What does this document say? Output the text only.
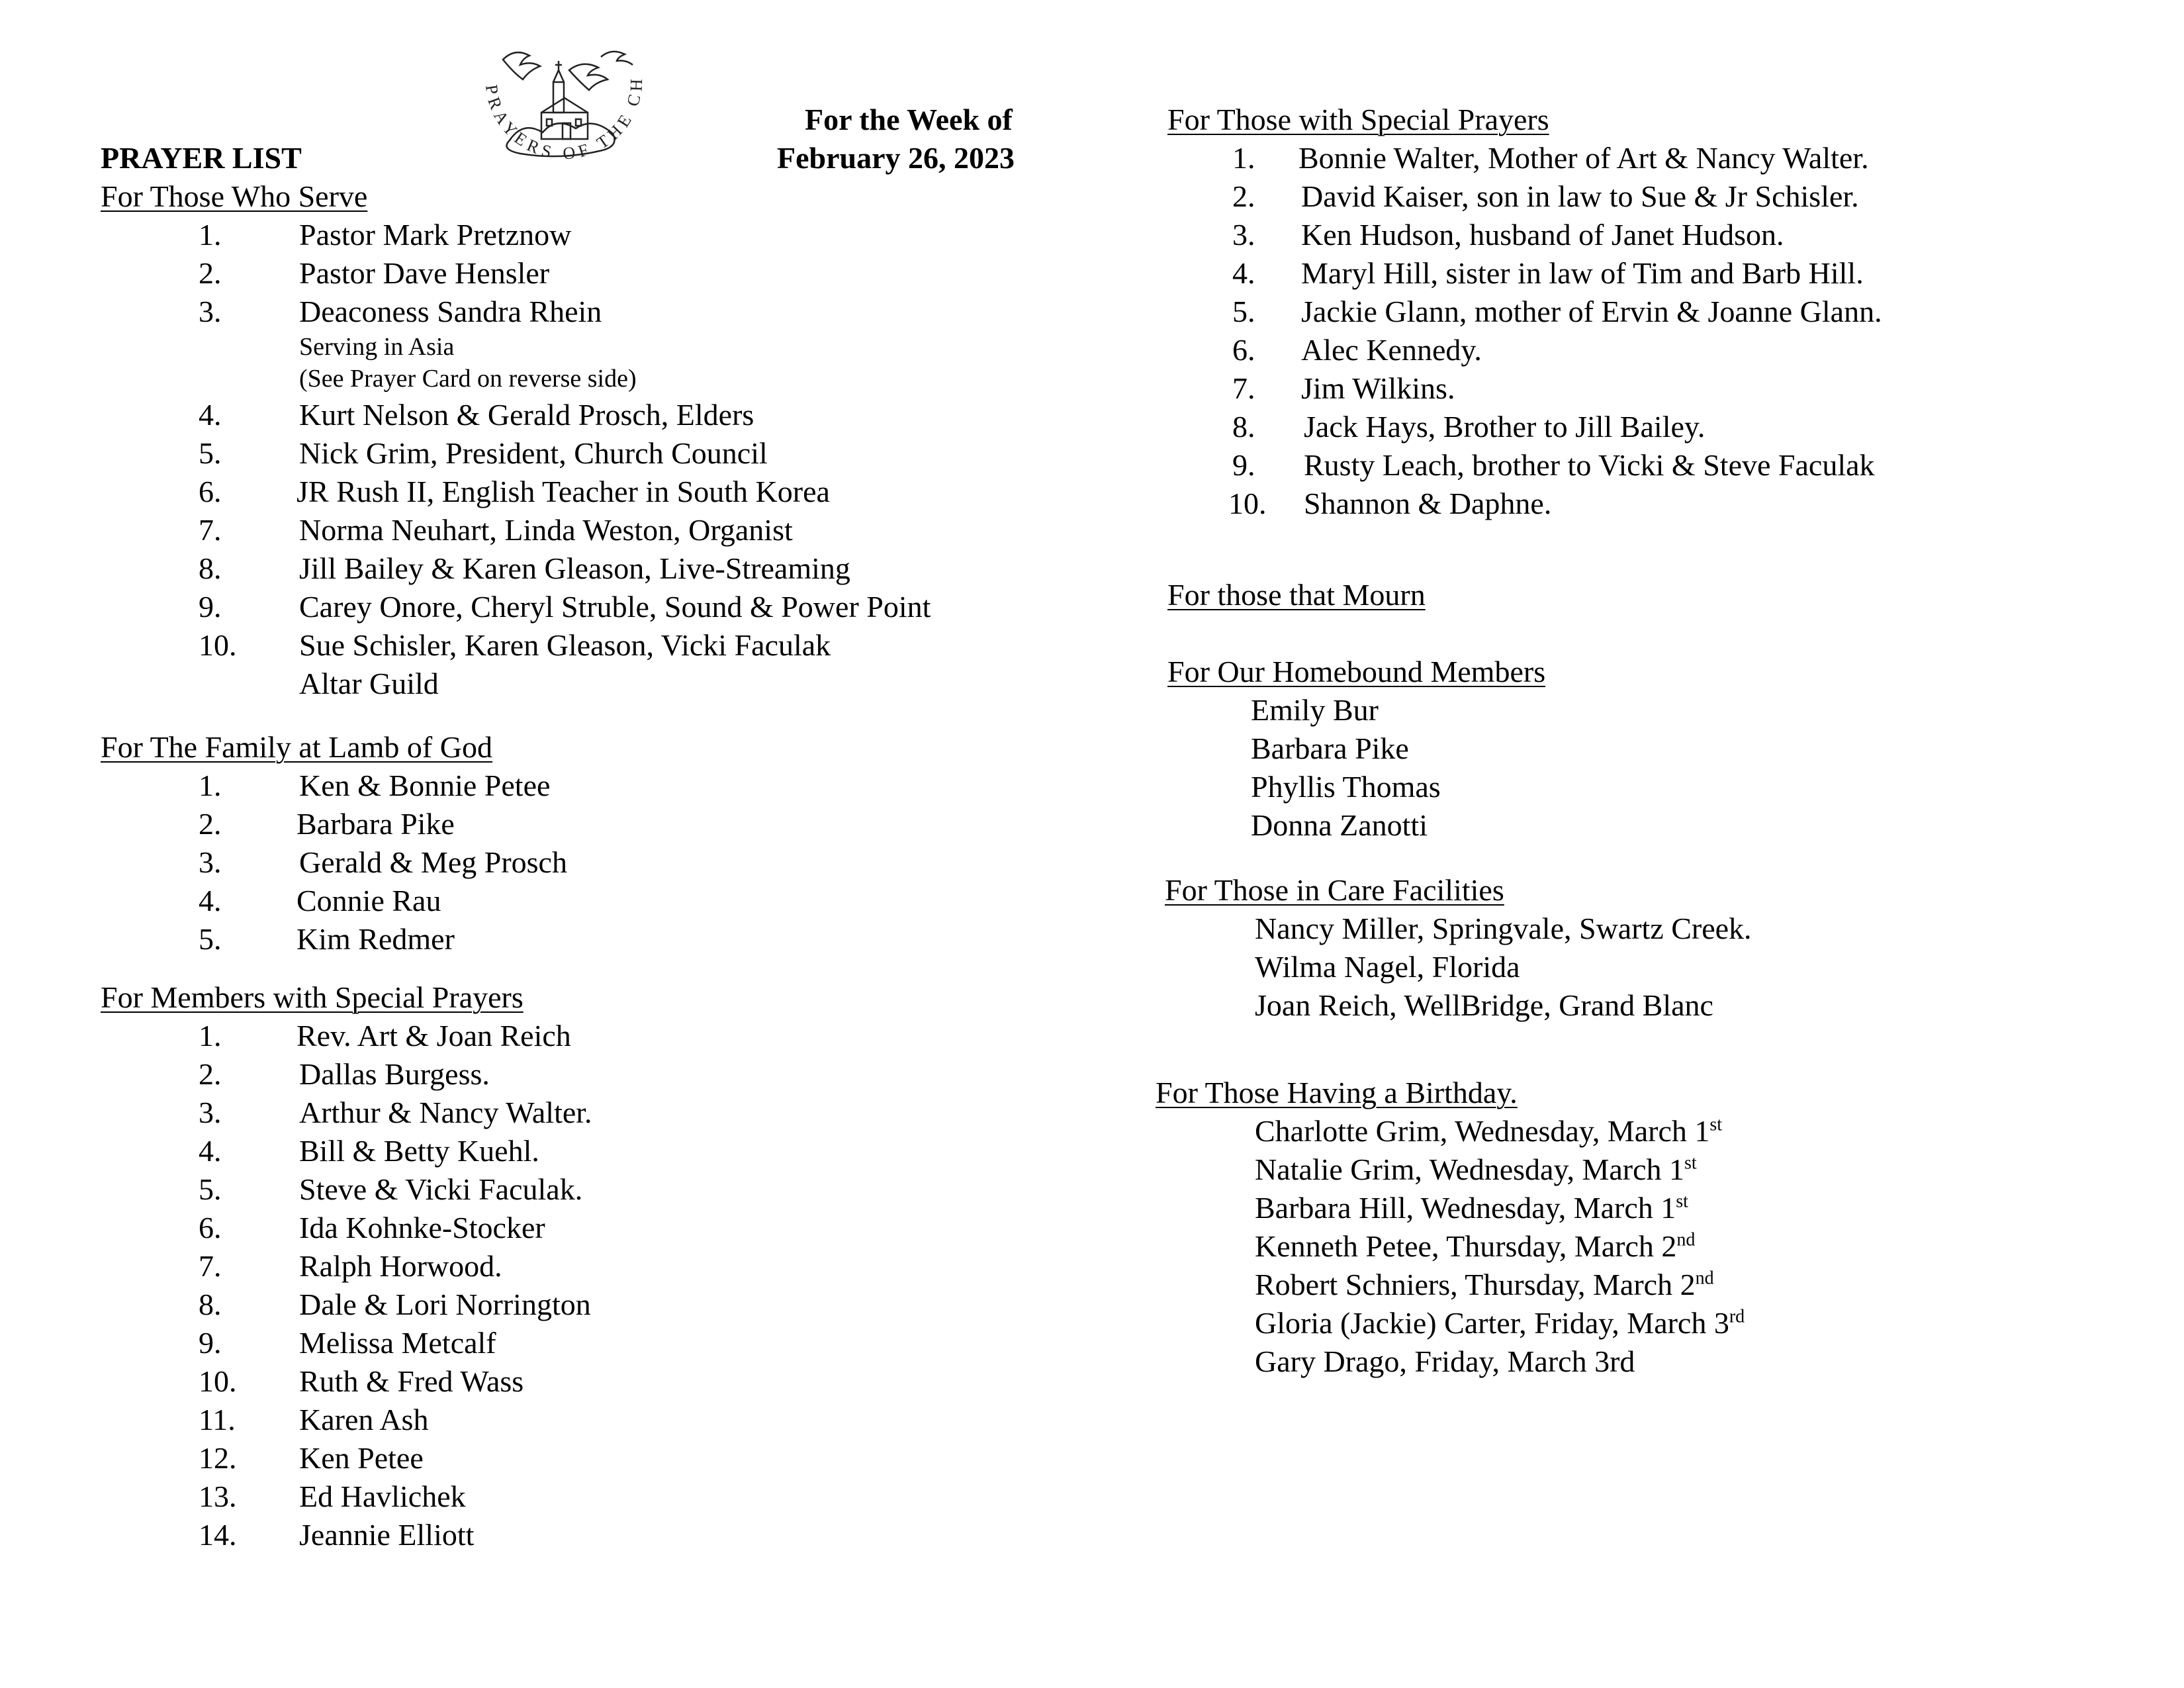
PRAYER LIST
For the Week of
February 26, 2023
PRAYERS OF THE CH
For Those Who Serve
1.	Pastor Mark Pretznow
2.	Pastor Dave Hensler
3.	Deaconess Sandra Rhein
Serving in Asia
(See Prayer Card on reverse side)
4.	Kurt Nelson & Gerald Prosch, Elders
5.	Nick Grim, President, Church Council
6. JR Rush II, English Teacher in South Korea
7.	Norma Neuhart, Linda Weston, Organist
8.	Jill Bailey & Karen Gleason, Live-Streaming
9.	Carey Onore, Cheryl Struble, Sound & Power Point
10. Sue Schisler, Karen Gleason, Vicki Faculak
Altar Guild
For The Family at Lamb of God
1.	Ken & Bonnie Petee
2. Barbara Pike
3.	Gerald & Meg Prosch
4. Connie Rau
5. Kim Redmer
For Members with Special Prayers
1. Rev. Art & Joan Reich
2.	Dallas Burgess.
3.	Arthur & Nancy Walter.
4.	Bill & Betty Kuehl.
5.	Steve & Vicki Faculak.
6.	Ida Kohnke-Stocker
7.	Ralph Horwood.
8.	Dale & Lori Norrington
9.	Melissa Metcalf
10. Ruth & Fred Wass
11. Karen Ash
12. Ken Petee
13. Ed Havlichek
14. Jeannie Elliott
For Those with Special Prayers
1. Bonnie Walter, Mother of Art & Nancy Walter.
2. David Kaiser, son in law to Sue & Jr Schisler.
3. Ken Hudson, husband of Janet Hudson.
4. Maryl Hill, sister in law of Tim and Barb Hill.
5. Jackie Glann, mother of Ervin & Joanne Glann.
6. Alec Kennedy.
7. Jim Wilkins.
8. Jack Hays, Brother to Jill Bailey.
9. Rusty Leach, brother to Vicki & Steve Faculak
10. Shannon & Daphne.
For those that Mourn
For Our Homebound Members
Emily Bur
Barbara Pike
Phyllis Thomas
Donna Zanotti
For Those in Care Facilities
Nancy Miller, Springvale, Swartz Creek.
Wilma Nagel, Florida
Joan Reich, WellBridge, Grand Blanc
For Those Having a Birthday.
Charlotte Grim, Wednesday, March 1st
Natalie Grim, Wednesday, March 1st
Barbara Hill, Wednesday, March 1st
Kenneth Petee, Thursday, March 2nd
Robert Schniers, Thursday, March 2nd
Gloria (Jackie) Carter, Friday, March 3rd
Gary Drago, Friday, March 3rd
